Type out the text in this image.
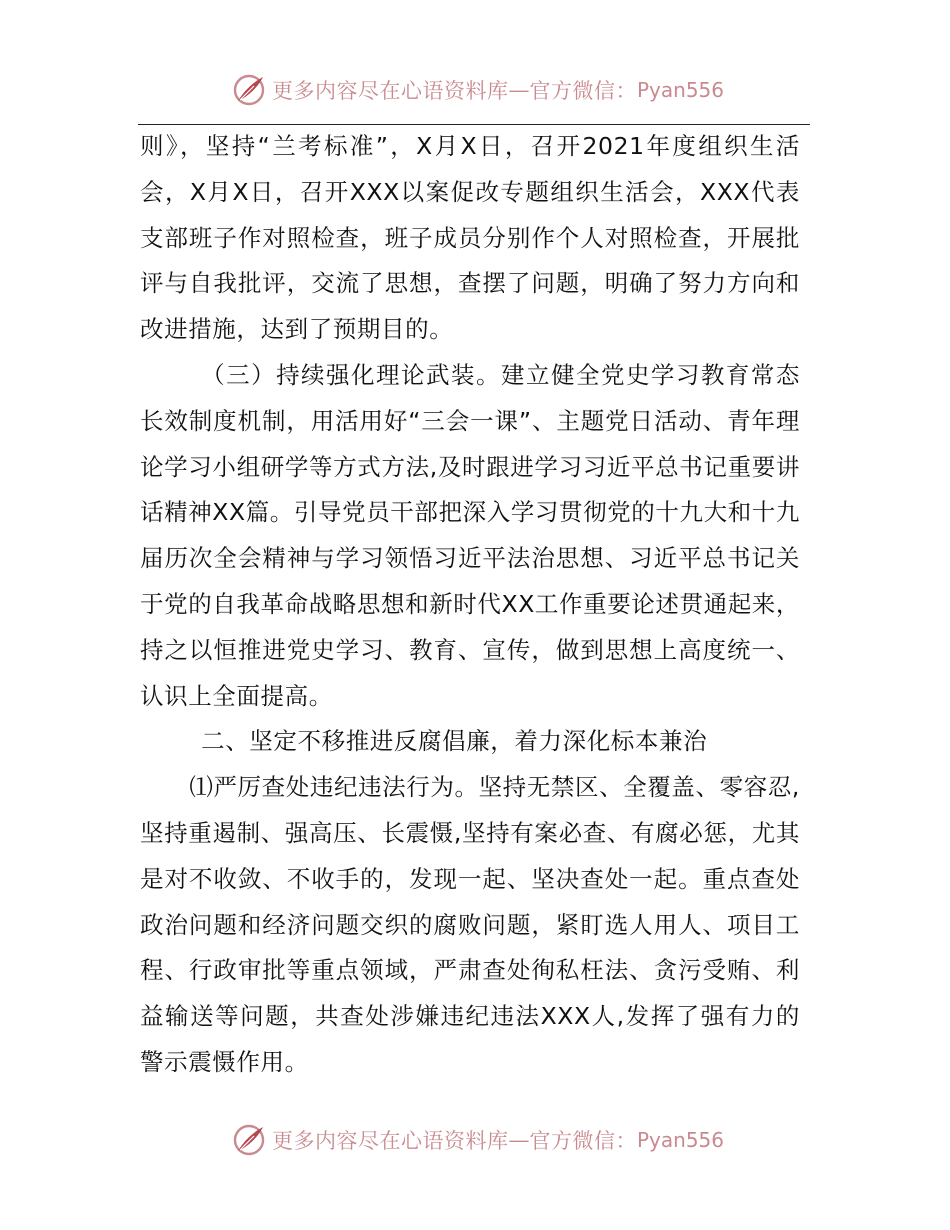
更多内容尽在心语资料库 — 官方微信： Pyan556

则》，坚持“兰考标准”，X月X日，召开2021年度组织生活会，X月X日，召开XXX以案促改专题组织生活会，XXX代表支部班子作对照检查，班子成员分别作个人对照检查，开展批评与自我批评，交流了思想，查摆了问题，明确了努力方向和改进措施，达到了预期目的。

（三）持续强化理论武装。建立健全党史学习教育常态长效制度机制，用活用好“三会一课”、主题党日活动、青年理论学习小组研学等方式方法,及时跟进学习习近平总书记重要讲话精神XX篇。引导党员干部把深入学习贯彻党的十九大和十九届历次全会精神与学习领悟习近平法治思想、习近平总书记关于党的自我革命战略思想和新时代XX工作重要论述贯通起来，持之以恒推进党史学习、教育、宣传，做到思想上高度统一、认识上全面提高。

二、坚定不移推进反腐倡廉，着力深化标本兼治

⑴严厉查处违纪违法行为。坚持无禁区、全覆盖、零容忍,坚持重遏制、强高压、长震慑,坚持有案必查、有腐必惩，尤其是对不收敛、不收手的，发现一起、坚决查处一起。重点查处政治问题和经济问题交织的腐败问题，紧盯选人用人、项目工程、行政审批等重点领域，严肃查处徇私枉法、贪污受贿、利益输送等问题，共查处涉嫌违纪违法XXX人,发挥了强有力的警示震慑作用。

更多内容尽在心语资料库 — 官方微信： Pyan556
